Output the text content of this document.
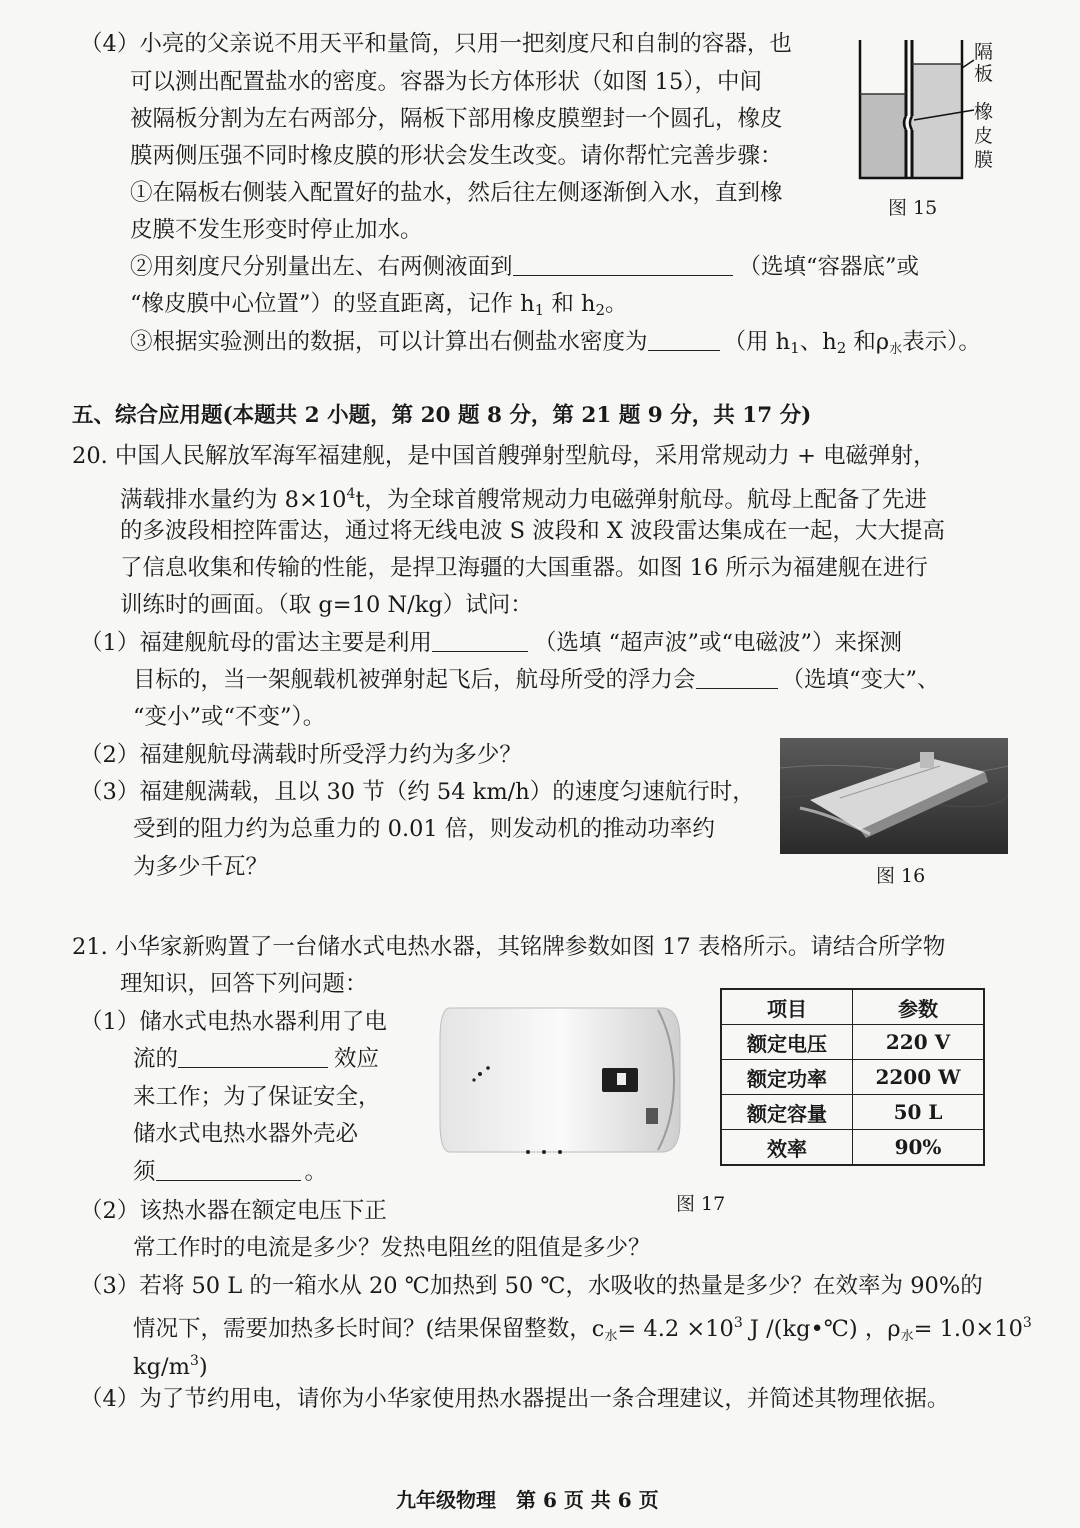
（4）小亮的父亲说不用天平和量筒，只用一把刻度尺和自制的容器，也
可以测出配置盐水的密度。容器为长方体形状（如图 15），中间
被隔板分割为左右两部分，隔板下部用橡皮膜塑封一个圆孔，橡皮
膜两侧压强不同时橡皮膜的形状会发生改变。请你帮忙完善步骤：
①在隔板右侧装入配置好的盐水，然后往左侧逐渐倒入水，直到橡
皮膜不发生形变时停止加水。
②用刻度尺分别量出左、右两侧液面到	（选填“容器底”或
“橡皮膜中心位置”）的竖直距离，记作 $h_1$ 和 $h_2$。
③根据实验测出的数据，可以计算出右侧盐水密度为	（用 $h_1$、$h_2$ 和$\rho_水$表示）。
隔
板
橡
皮
膜
图 15
五、综合应用题(本题共 2 小题，第 20 题 8 分，第 21 题 9 分，共 17 分)
20. 中国人民解放军海军福建舰，是中国首艘弹射型航母，采用常规动力 + 电磁弹射，
满载排水量约为 $8\times 10^4t$，为全球首艘常规动力电磁弹射航母。航母上配备了先进
的多波段相控阵雷达，通过将无线电波 S 波段和 X 波段雷达集成在一起，大大提高
了信息收集和传输的性能，是捍卫海疆的大国重器。如图 16 所示为福建舰在进行
训练时的画面。（取 g=10 N/kg）试问：
（1）福建舰航母的雷达主要是利用	（选填 “超声波”或“电磁波”）来探测
目标的，当一架舰载机被弹射起飞后，航母所受的浮力会	（选填“变大”、
“变小”或“不变”）。
（2）福建舰航母满载时所受浮力约为多少？
（3）福建舰满载，且以 30 节（约 54 km/h）的速度匀速航行时，
受到的阻力约为总重力的 0.01 倍，则发动机的推动功率约
为多少千瓦？	图 16
21. 小华家新购置了一台储水式电热水器，其铭牌参数如图 17 表格所示。请结合所学物
理知识，回答下列问题：
（1）储水式电热水器利用了电
流的	效应
来工作；为了保证安全，
储水式电热水器外壳必
须	。
项目	参数
额定电压	220 V
额定功率	2200 W
额定容量	50 L
效率	90%
图 17
（2）该热水器在额定电压下正
常工作时的电流是多少？发热电阻丝的阻值是多少？
（3）若将 50 L 的一箱水从 20 ℃加热到 50 ℃，水吸收的热量是多少？在效率为 90%的
情况下，需要加热多长时间？(结果保留整数，$c_水= 4.2 \times 10^3$ J /(kg•℃) ，$\rho_水= 1.0\times 10^3$
$kg/m^3$)
（4）为了节约用电，请你为小华家使用热水器提出一条合理建议，并简述其物理依据。
九年级物理　第 6 页 共 6 页
